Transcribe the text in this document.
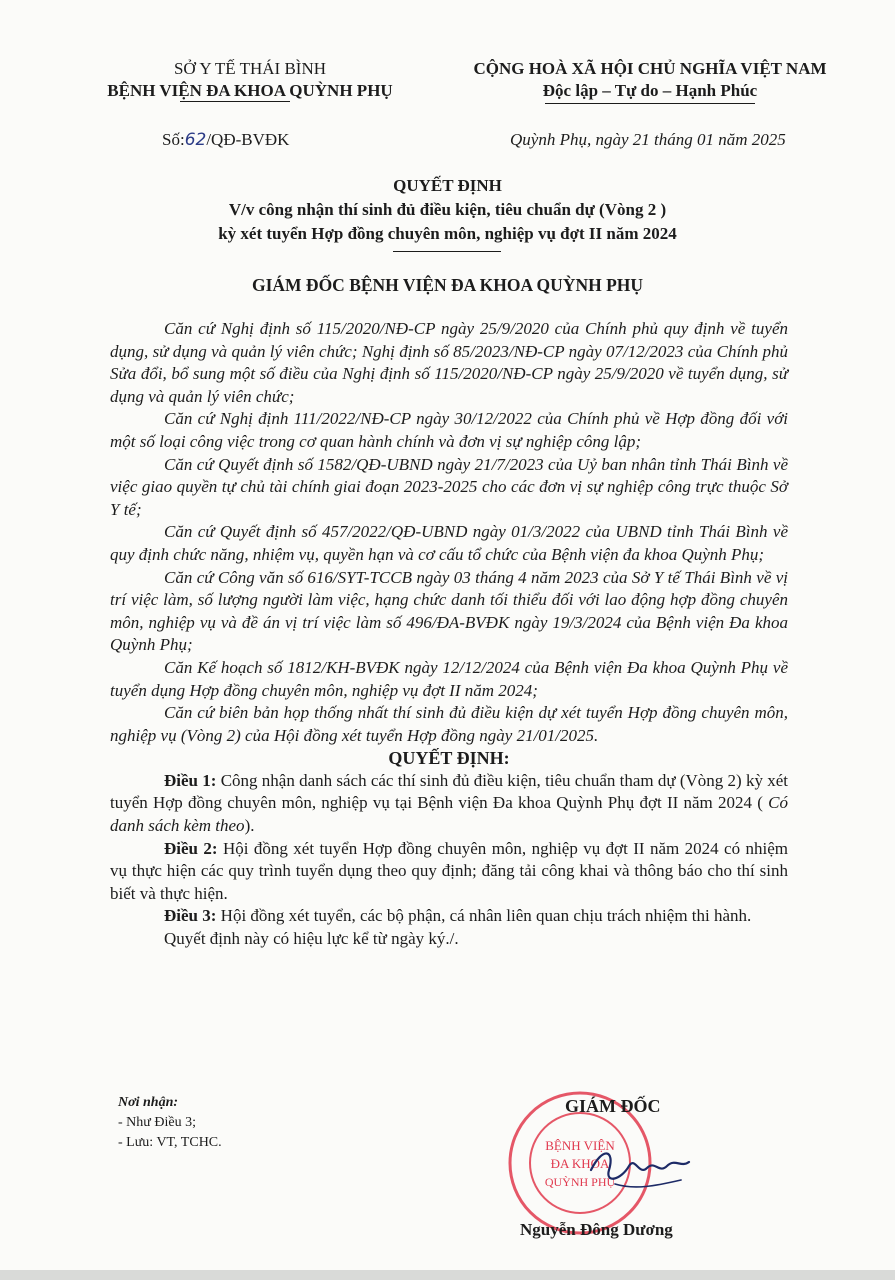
SỞ Y TẾ THÁI BÌNH
BỆNH VIỆN ĐA KHOA QUỲNH PHỤ
CỘNG HOÀ XÃ HỘI CHỦ NGHĨA VIỆT NAM
Độc lập – Tự do – Hạnh Phúc
Số:62/QĐ-BVĐK	Quỳnh Phụ, ngày 21 tháng 01 năm 2025
QUYẾT ĐỊNH
V/v công nhận thí sinh đủ điều kiện, tiêu chuẩn dự (Vòng 2 )
kỳ xét tuyển Hợp đồng chuyên môn, nghiệp vụ đợt II năm 2024
GIÁM ĐỐC BỆNH VIỆN ĐA KHOA QUỲNH PHỤ

Căn cứ Nghị định số 115/2020/NĐ-CP ngày 25/9/2020 của Chính phủ quy định về tuyển dụng, sử dụng và quản lý viên chức; Nghị định số 85/2023/NĐ-CP ngày 07/12/2023 của Chính phủ Sửa đổi, bổ sung một số điều của Nghị định số 115/2020/NĐ-CP ngày 25/9/2020 về tuyển dụng, sử dụng và quản lý viên chức;

Căn cứ Nghị định 111/2022/NĐ-CP ngày 30/12/2022 của Chính phủ về Hợp đồng đối với một số loại công việc trong cơ quan hành chính và đơn vị sự nghiệp công lập;

Căn cứ Quyết định số 1582/QĐ-UBND ngày 21/7/2023 của Uỷ ban nhân tỉnh Thái Bình về việc giao quyền tự chủ tài chính giai đoạn 2023-2025 cho các đơn vị sự nghiệp công trực thuộc Sở Y tế;

Căn cứ Quyết định số 457/2022/QĐ-UBND ngày 01/3/2022 của UBND tỉnh Thái Bình về quy định chức năng, nhiệm vụ, quyền hạn và cơ cấu tổ chức của Bệnh viện đa khoa Quỳnh Phụ;

Căn cứ Công văn số 616/SYT-TCCB ngày 03 tháng 4 năm 2023 của Sở Y tế Thái Bình về vị trí việc làm, số lượng người làm việc, hạng chức danh tối thiểu đối với lao động hợp đồng chuyên môn, nghiệp vụ và đề án vị trí việc làm số 496/ĐA-BVĐK ngày 19/3/2024 của Bệnh viện Đa khoa Quỳnh Phụ;

Căn Kế hoạch số 1812/KH-BVĐK ngày 12/12/2024 của Bệnh viện Đa khoa Quỳnh Phụ về tuyển dụng Hợp đồng chuyên môn, nghiệp vụ đợt II năm 2024;

Căn cứ biên bản họp thống nhất thí sinh đủ điều kiện dự xét tuyển Hợp đồng chuyên môn, nghiệp vụ (Vòng 2) của Hội đồng xét tuyển Hợp đồng ngày 21/01/2025.

QUYẾT ĐỊNH:

Điều 1: Công nhận danh sách các thí sinh đủ điều kiện, tiêu chuẩn tham dự (Vòng 2) kỳ xét tuyển Hợp đồng chuyên môn, nghiệp vụ tại Bệnh viện Đa khoa Quỳnh Phụ đợt II năm 2024 ( Có danh sách kèm theo).

Điều 2: Hội đồng xét tuyển Hợp đồng chuyên môn, nghiệp vụ đợt II năm 2024 có nhiệm vụ thực hiện các quy trình tuyển dụng theo quy định; đăng tải công khai và thông báo cho thí sinh biết và thực hiện.

Điều 3: Hội đồng xét tuyển, các bộ phận, cá nhân liên quan chịu trách nhiệm thi hành.

Quyết định này có hiệu lực kể từ ngày ký./.

Nơi nhận:
- Như Điều 3;
- Lưu: VT, TCHC.	BỆNH VIỆN
ĐA KHOA
QUỲNH PHỤ
GIÁM ĐỐC
Nguyễn Đông Dương
